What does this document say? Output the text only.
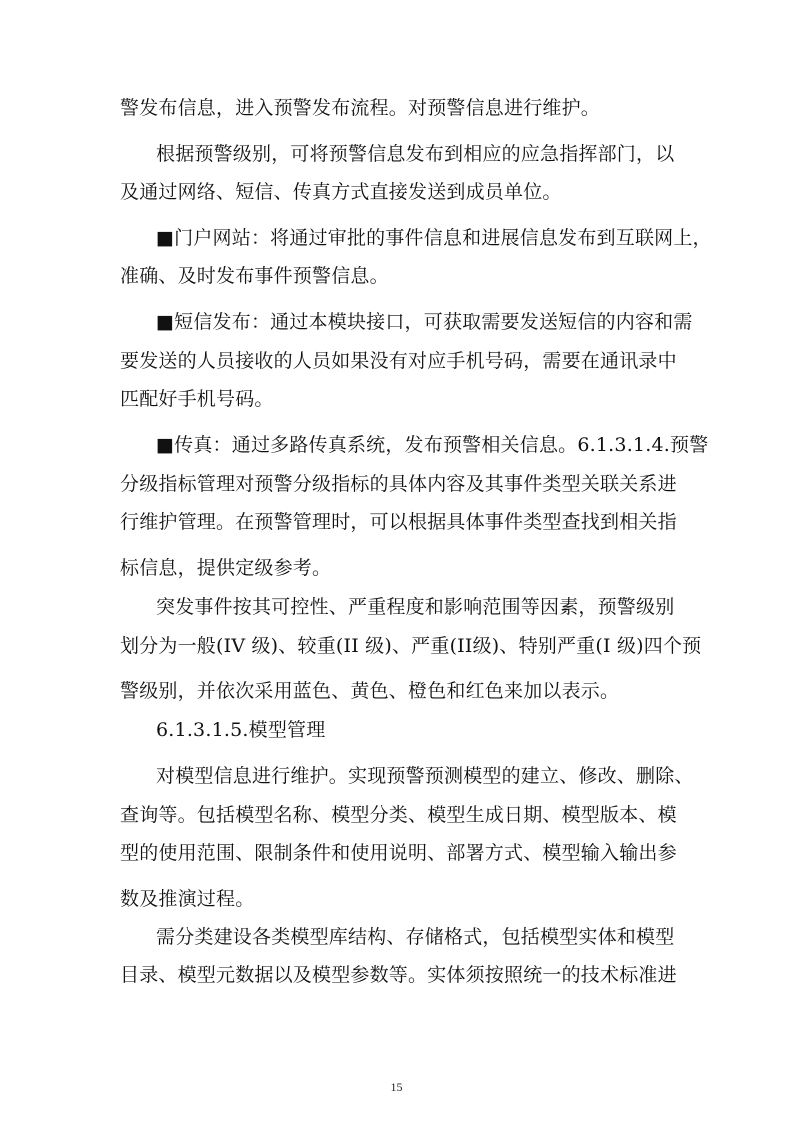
警发布信息，进入预警发布流程。对预警信息进行维护。
根据预警级别，可将预警信息发布到相应的应急指挥部门，以
及通过网络、短信、传真方式直接发送到成员单位。
■门户网站：将通过审批的事件信息和进展信息发布到互联网上，
准确、及时发布事件预警信息。
■短信发布：通过本模块接口，可获取需要发送短信的内容和需
要发送的人员接收的人员如果没有对应手机号码，需要在通讯录中
匹配好手机号码。
■传真：通过多路传真系统，发布预警相关信息。6.1.3.1.4.预警
分级指标管理对预警分级指标的具体内容及其事件类型关联关系进
行维护管理。在预警管理时，可以根据具体事件类型查找到相关指
标信息，提供定级参考。
突发事件按其可控性、严重程度和影响范围等因素，预警级别
划分为一般(IV 级)、较重(II 级)、严重(II级)、特别严重(I 级)四个预
警级别，并依次采用蓝色、黄色、橙色和红色来加以表示。
6.1.3.1.5.模型管理
对模型信息进行维护。实现预警预测模型的建立、修改、删除、
查询等。包括模型名称、模型分类、模型生成日期、模型版本、模
型的使用范围、限制条件和使用说明、部署方式、模型输入输出参
数及推演过程。
需分类建设各类模型库结构、存储格式，包括模型实体和模型
目录、模型元数据以及模型参数等。实体须按照统一的技术标准进
15
